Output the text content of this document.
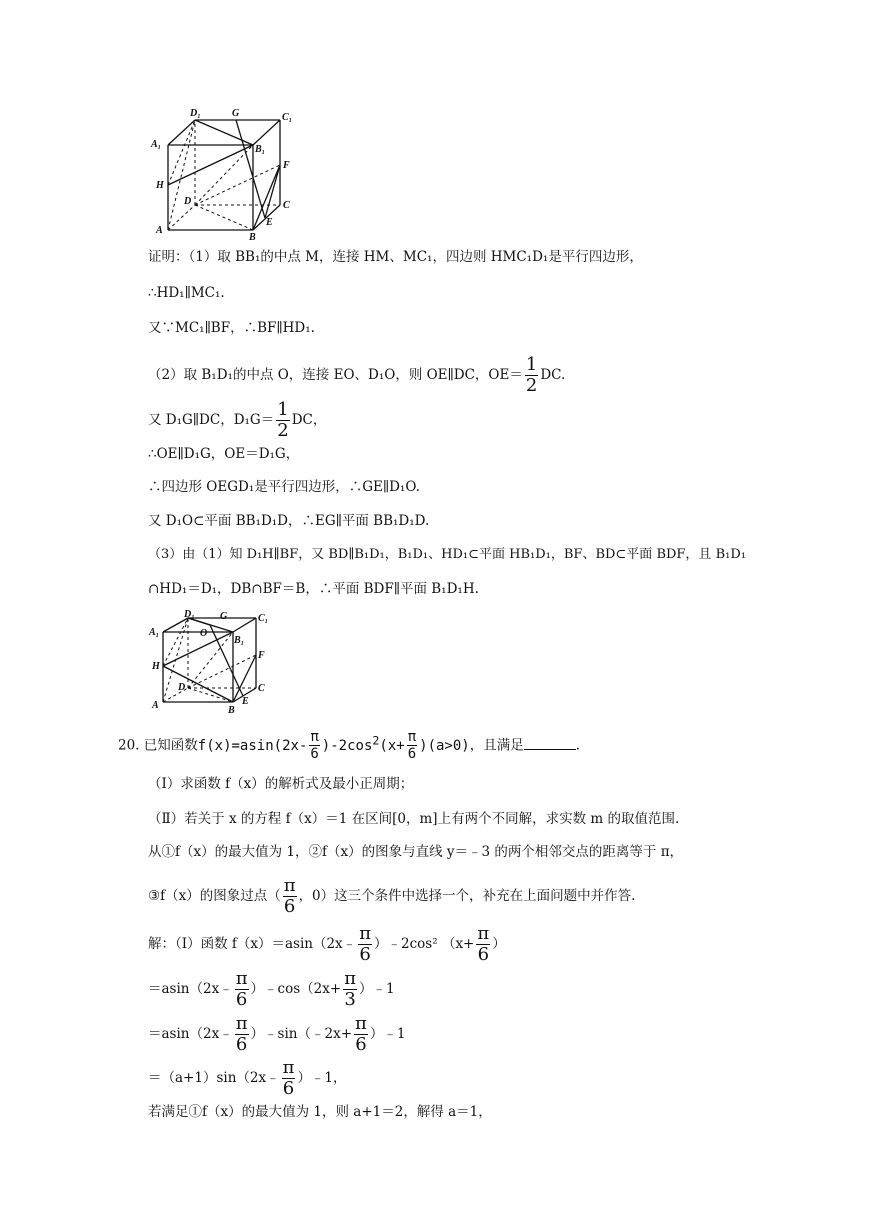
D₁	G	C₁
A₁	B₁
H
F
D	C
E
A
B
证明：（1）取 BB₁的中点 M，连接 HM、MC₁，四边则 HMC₁D₁是平行四边形，
∴HD₁∥MC₁.
又∵MC₁∥BF，∴BF∥HD₁.
（2）取 B₁D₁的中点 O，连接 EO、D₁O，则 OE∥DC，$OE= \frac{1}{2}$ DC.
又 D₁G∥DC，$D_1G= \frac{1}{2}$ DC，
∴OE∥D₁G，OE＝D₁G，
∴四边形 OEGD₁是平行四边形，∴GE∥D₁O.
又 D₁O⊂平面 BB₁D₁D，∴EG∥平面 BB₁D₁D.
（3）由（1）知 D₁H∥BF，又 BD∥B₁D₁，B₁D₁、HD₁⊂平面 HB₁D₁，BF、BD⊂平面 BDF，且 B₁D₁
∩HD₁＝D₁，DB∩BF＝B，∴平面 BDF∥平面 B₁D₁H.
D₁	G	C₁
A₁	O
B₁
H
F
D	C
E
A	B
20. 已知函数$f(x)=asin(2x- \frac{\pi}{6} )-2\cos^2(x+ \frac{\pi}{6} )(a>0)$，且满足	.
（Ⅰ）求函数 f（x）的解析式及最小正周期；
（Ⅱ）若关于 x 的方程 f（x）＝1 在区间[0，m]上有两个不同解，求实数 m 的取值范围.
从①f（x）的最大值为 1，②f（x）的图象与直线 y＝﹣3 的两个相邻交点的距离等于 π，
③f（x）的图象过点（ $\frac{\pi}{6}$ ，0）这三个条件中选择一个，补充在上面问题中并作答.
解：（Ⅰ）函数 f（x）＝asin（2x﹣ $\frac{\pi}{6}$ ）﹣2cos² （$x+ \frac{\pi}{6}$ ）
＝asin（2x﹣ $\frac{\pi}{6}$ ）﹣cos（2x+ $\frac{\pi}{3}$ ）﹣1
＝asin（2x﹣ $\frac{\pi}{6}$ ）﹣sin（﹣2x+ $\frac{\pi}{6}$ ）﹣1
＝（a+1）sin（2x﹣ $\frac{\pi}{6}$ ）﹣1，
若满足①f（x）的最大值为 1，则 a+1＝2，解得 a＝1，
